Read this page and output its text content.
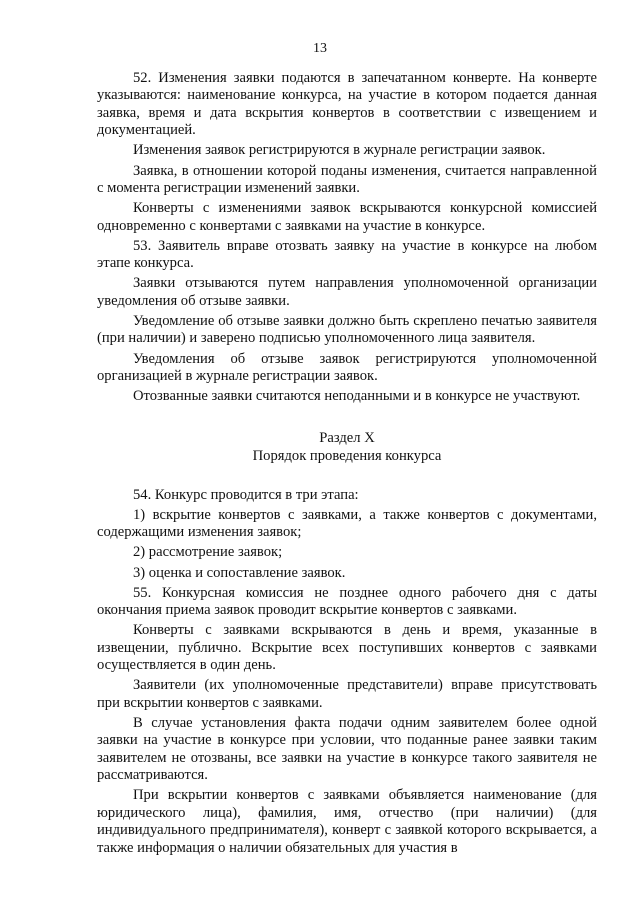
13

52. Изменения заявки подаются в запечатанном конверте. На конверте указываются: наименование конкурса, на участие в котором подается данная заявка, время и дата вскрытия конвертов в соответствии с извещением и документацией.

Изменения заявок регистрируются в журнале регистрации заявок.

Заявка, в отношении которой поданы изменения, считается направленной с момента регистрации изменений заявки.

Конверты с изменениями заявок вскрываются конкурсной комиссией одновременно с конвертами с заявками на участие в конкурсе.

53. Заявитель вправе отозвать заявку на участие в конкурсе на любом этапе конкурса.

Заявки отзываются путем направления уполномоченной организации уведомления об отзыве заявки.

Уведомление об отзыве заявки должно быть скреплено печатью заявителя (при наличии) и заверено подписью уполномоченного лица заявителя.

Уведомления об отзыве заявок регистрируются уполномоченной организацией в журнале регистрации заявок.

Отозванные заявки считаются неподанными и в конкурсе не участвуют.

Раздел X

Порядок проведения конкурса

54. Конкурс проводится в три этапа:

1) вскрытие конвертов с заявками, а также конвертов с документами, содержащими изменения заявок;

2) рассмотрение заявок;

3) оценка и сопоставление заявок.

55. Конкурсная комиссия не позднее одного рабочего дня с даты окончания приема заявок проводит вскрытие конвертов с заявками.

Конверты с заявками вскрываются в день и время, указанные в извещении, публично. Вскрытие всех поступивших конвертов с заявками осуществляется в один день.

Заявители (их уполномоченные представители) вправе присутствовать при вскрытии конвертов с заявками.

В случае установления факта подачи одним заявителем более одной заявки на участие в конкурсе при условии, что поданные ранее заявки таким заявителем не отозваны, все заявки на участие в конкурсе такого заявителя не рассматриваются.

При вскрытии конвертов с заявками объявляется наименование (для юридического лица), фамилия, имя, отчество (при наличии) (для индивидуального предпринимателя), конверт с заявкой которого вскрывается, а также информация о наличии обязательных для участия в
